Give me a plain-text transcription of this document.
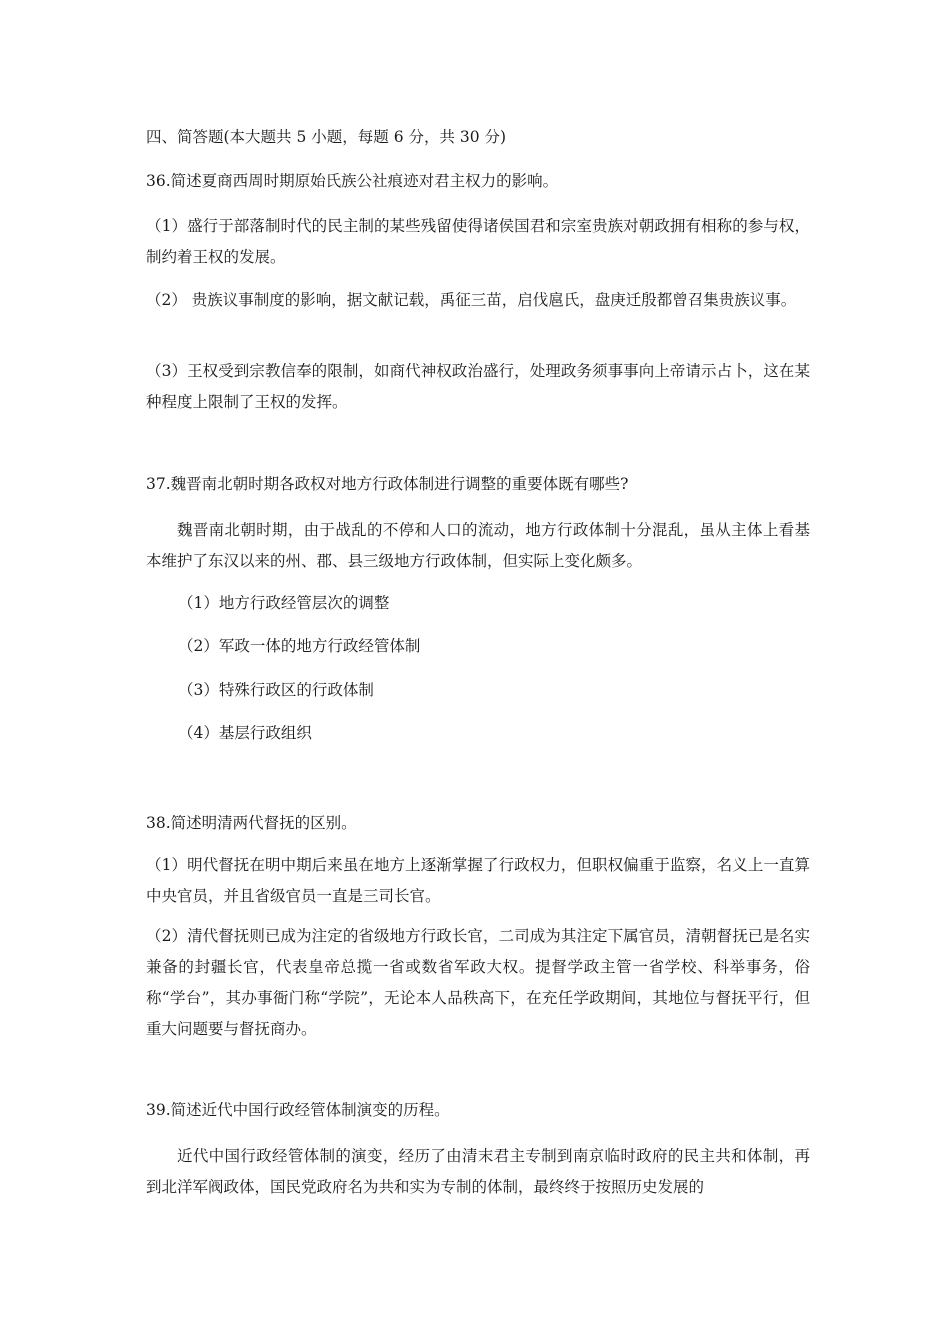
四、简答题(本大题共 5 小题，每题 6 分，共 30 分)

36.简述夏商西周时期原始氏族公社痕迹对君主权力的影响。

（1）盛行于部落制时代的民主制的某些残留使得诸侯国君和宗室贵族对朝政拥有相称的参与权，制约着王权的发展。

（2） 贵族议事制度的影响，据文献记载，禹征三苗，启伐扈氏，盘庚迁殷都曾召集贵族议事。

（3）王权受到宗教信奉的限制，如商代神权政治盛行，处理政务须事事向上帝请示占卜，这在某种程度上限制了王权的发挥。

37.魏晋南北朝时期各政权对地方行政体制进行调整的重要体既有哪些?

魏晋南北朝时期，由于战乱的不停和人口的流动，地方行政体制十分混乱，虽从主体上看基本维护了东汉以来的州、郡、县三级地方行政体制，但实际上变化颇多。

（1）地方行政经管层次的调整

（2）军政一体的地方行政经管体制

（3）特殊行政区的行政体制

（4）基层行政组织

38.简述明清两代督抚的区别。

（1）明代督抚在明中期后来虽在地方上逐渐掌握了行政权力，但职权偏重于监察，名义上一直算中央官员，并且省级官员一直是三司长官。

（2）清代督抚则已成为注定的省级地方行政长官，二司成为其注定下属官员，清朝督抚已是名实兼备的封疆长官，代表皇帝总揽一省或数省军政大权。提督学政主管一省学校、科举事务，俗称“学台”，其办事衙门称“学院”，无论本人品秩高下，在充任学政期间，其地位与督抚平行，但重大问题要与督抚商办。

39.简述近代中国行政经管体制演变的历程。

近代中国行政经管体制的演变，经历了由清末君主专制到南京临时政府的民主共和体制，再到北洋军阀政体，国民党政府名为共和实为专制的体制，最终终于按照历史发展的
